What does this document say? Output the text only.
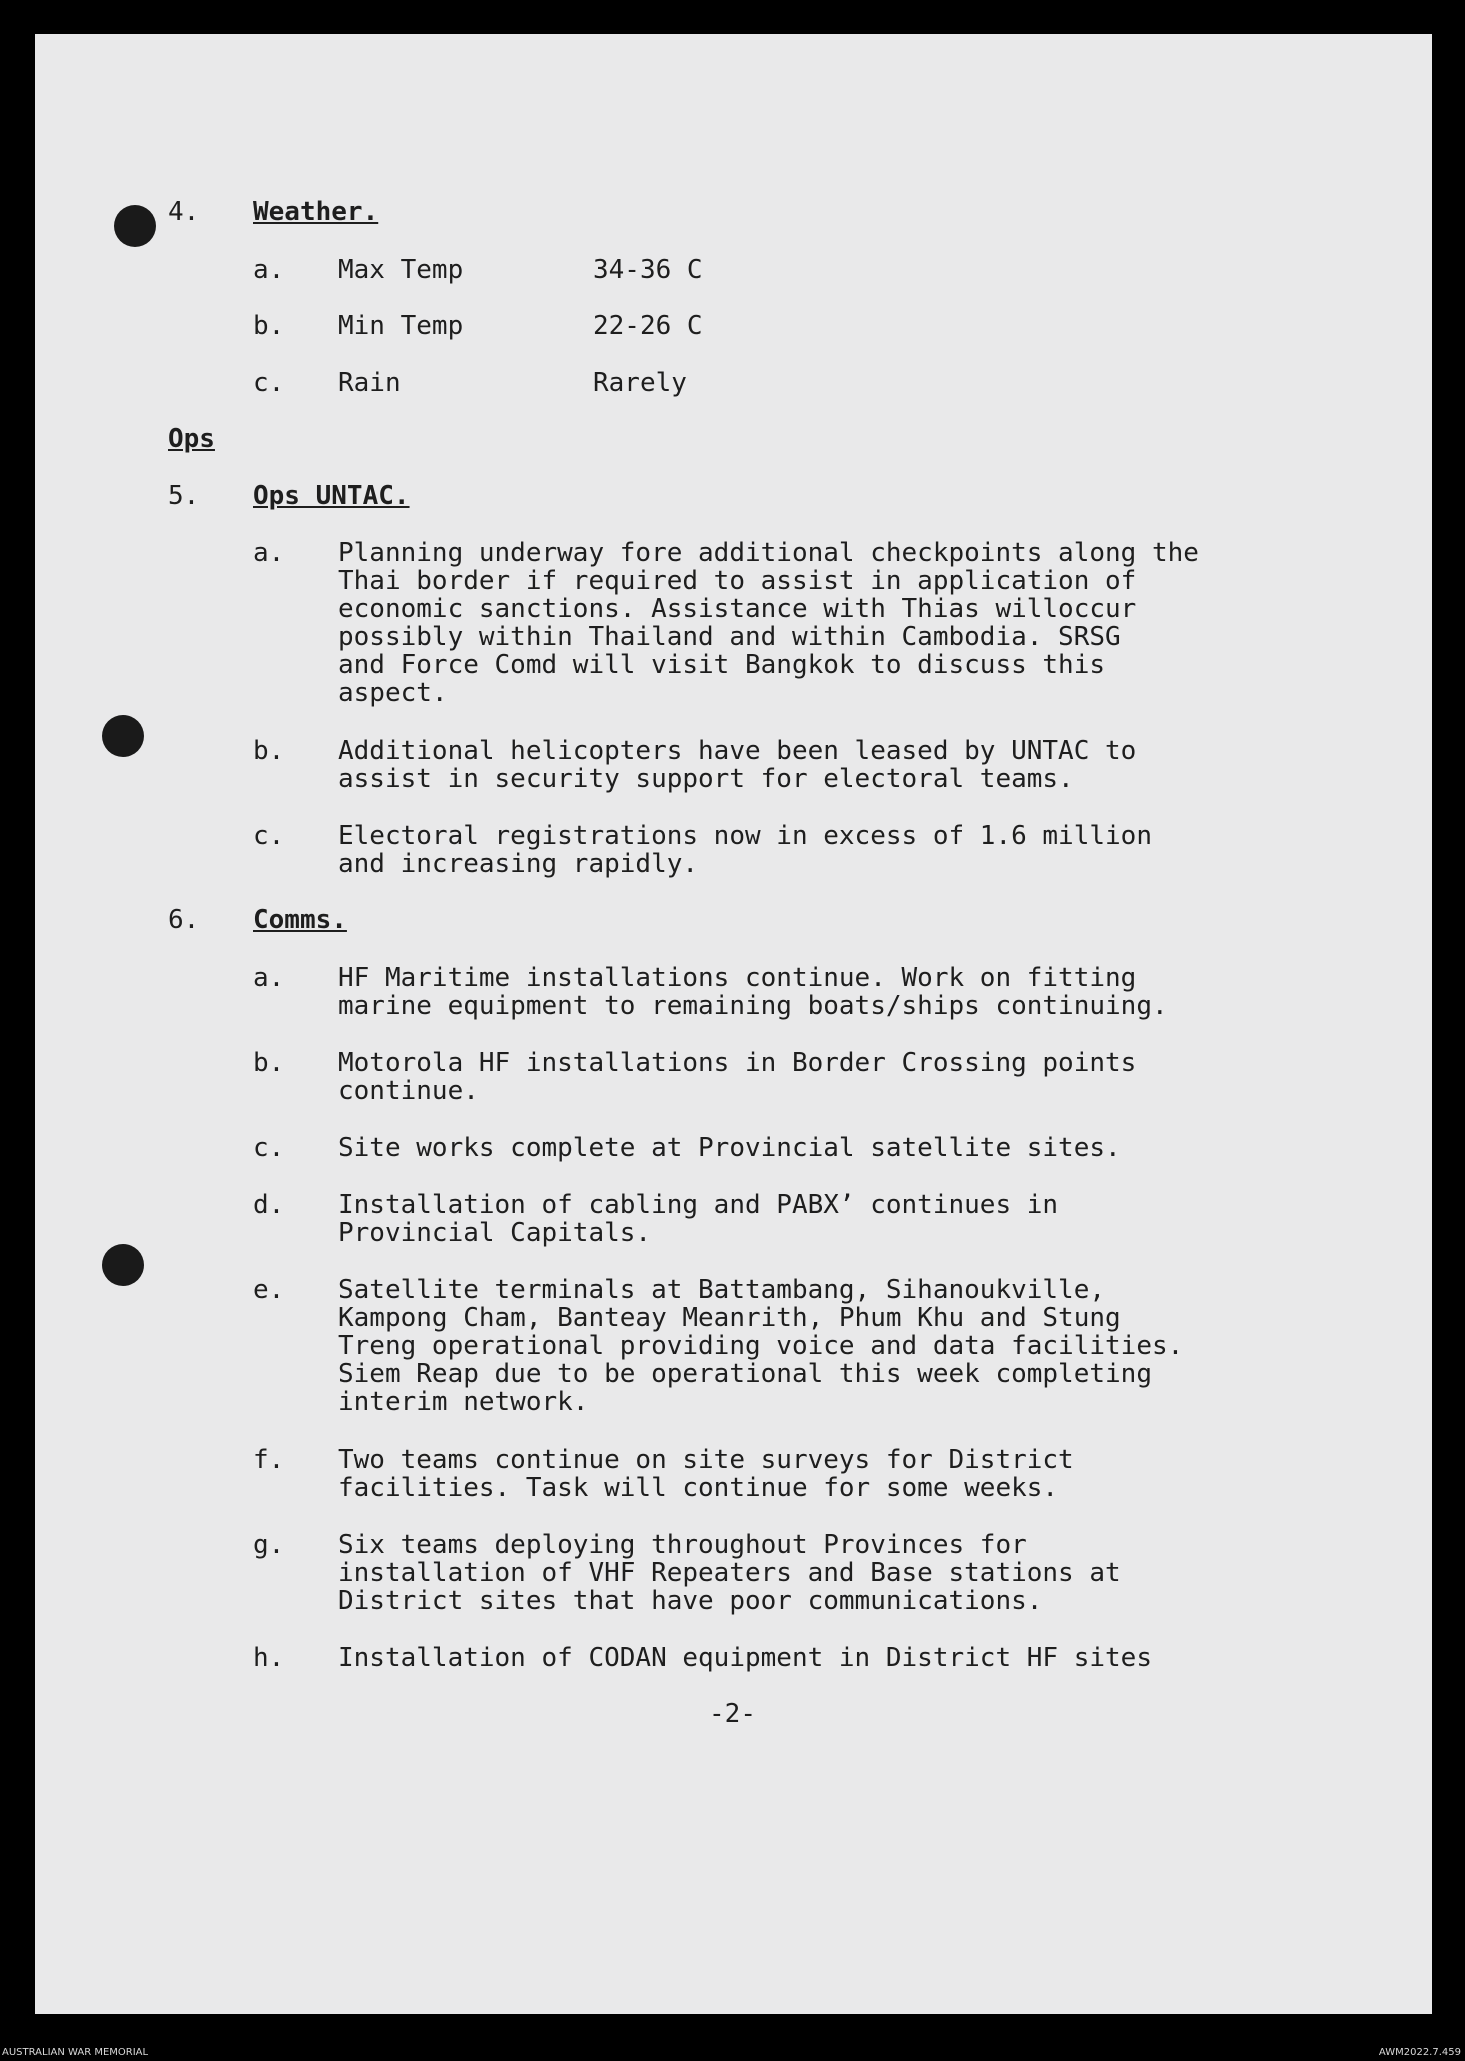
4. Weather.
a. Max Temp	34-36 C
b. Min Temp	22-26 C
c. Rain	Rarely
Ops
5. Ops UNTAC.
a. Planning underway fore additional checkpoints along the
Thai border if required to assist in application of
economic sanctions. Assistance with Thias willoccur
possibly within Thailand and within Cambodia. SRSG
and Force Comd will visit Bangkok to discuss this
aspect.
b. Additional helicopters have been leased by UNTAC to
assist in security support for electoral teams.
c. Electoral registrations now in excess of 1.6 million
and increasing rapidly.
6. Comms.
a. HF Maritime installations continue. Work on fitting
marine equipment to remaining boats/ships continuing.
b. Motorola HF installations in Border Crossing points
continue.
c. Site works complete at Provincial satellite sites.
d. Installation of cabling and PABX’ continues in
Provincial Capitals.
e. Satellite terminals at Battambang, Sihanoukville,
Kampong Cham, Banteay Meanrith, Phum Khu and Stung
Treng operational providing voice and data facilities.
Siem Reap due to be operational this week completing
interim network.
f. Two teams continue on site surveys for District
facilities. Task will continue for some weeks.
g. Six teams deploying throughout Provinces for
installation of VHF Repeaters and Base stations at
District sites that have poor communications.
h. Installation of CODAN equipment in District HF sites
-2-
AUSTRALIAN WAR MEMORIAL	AWM2022.7.459
